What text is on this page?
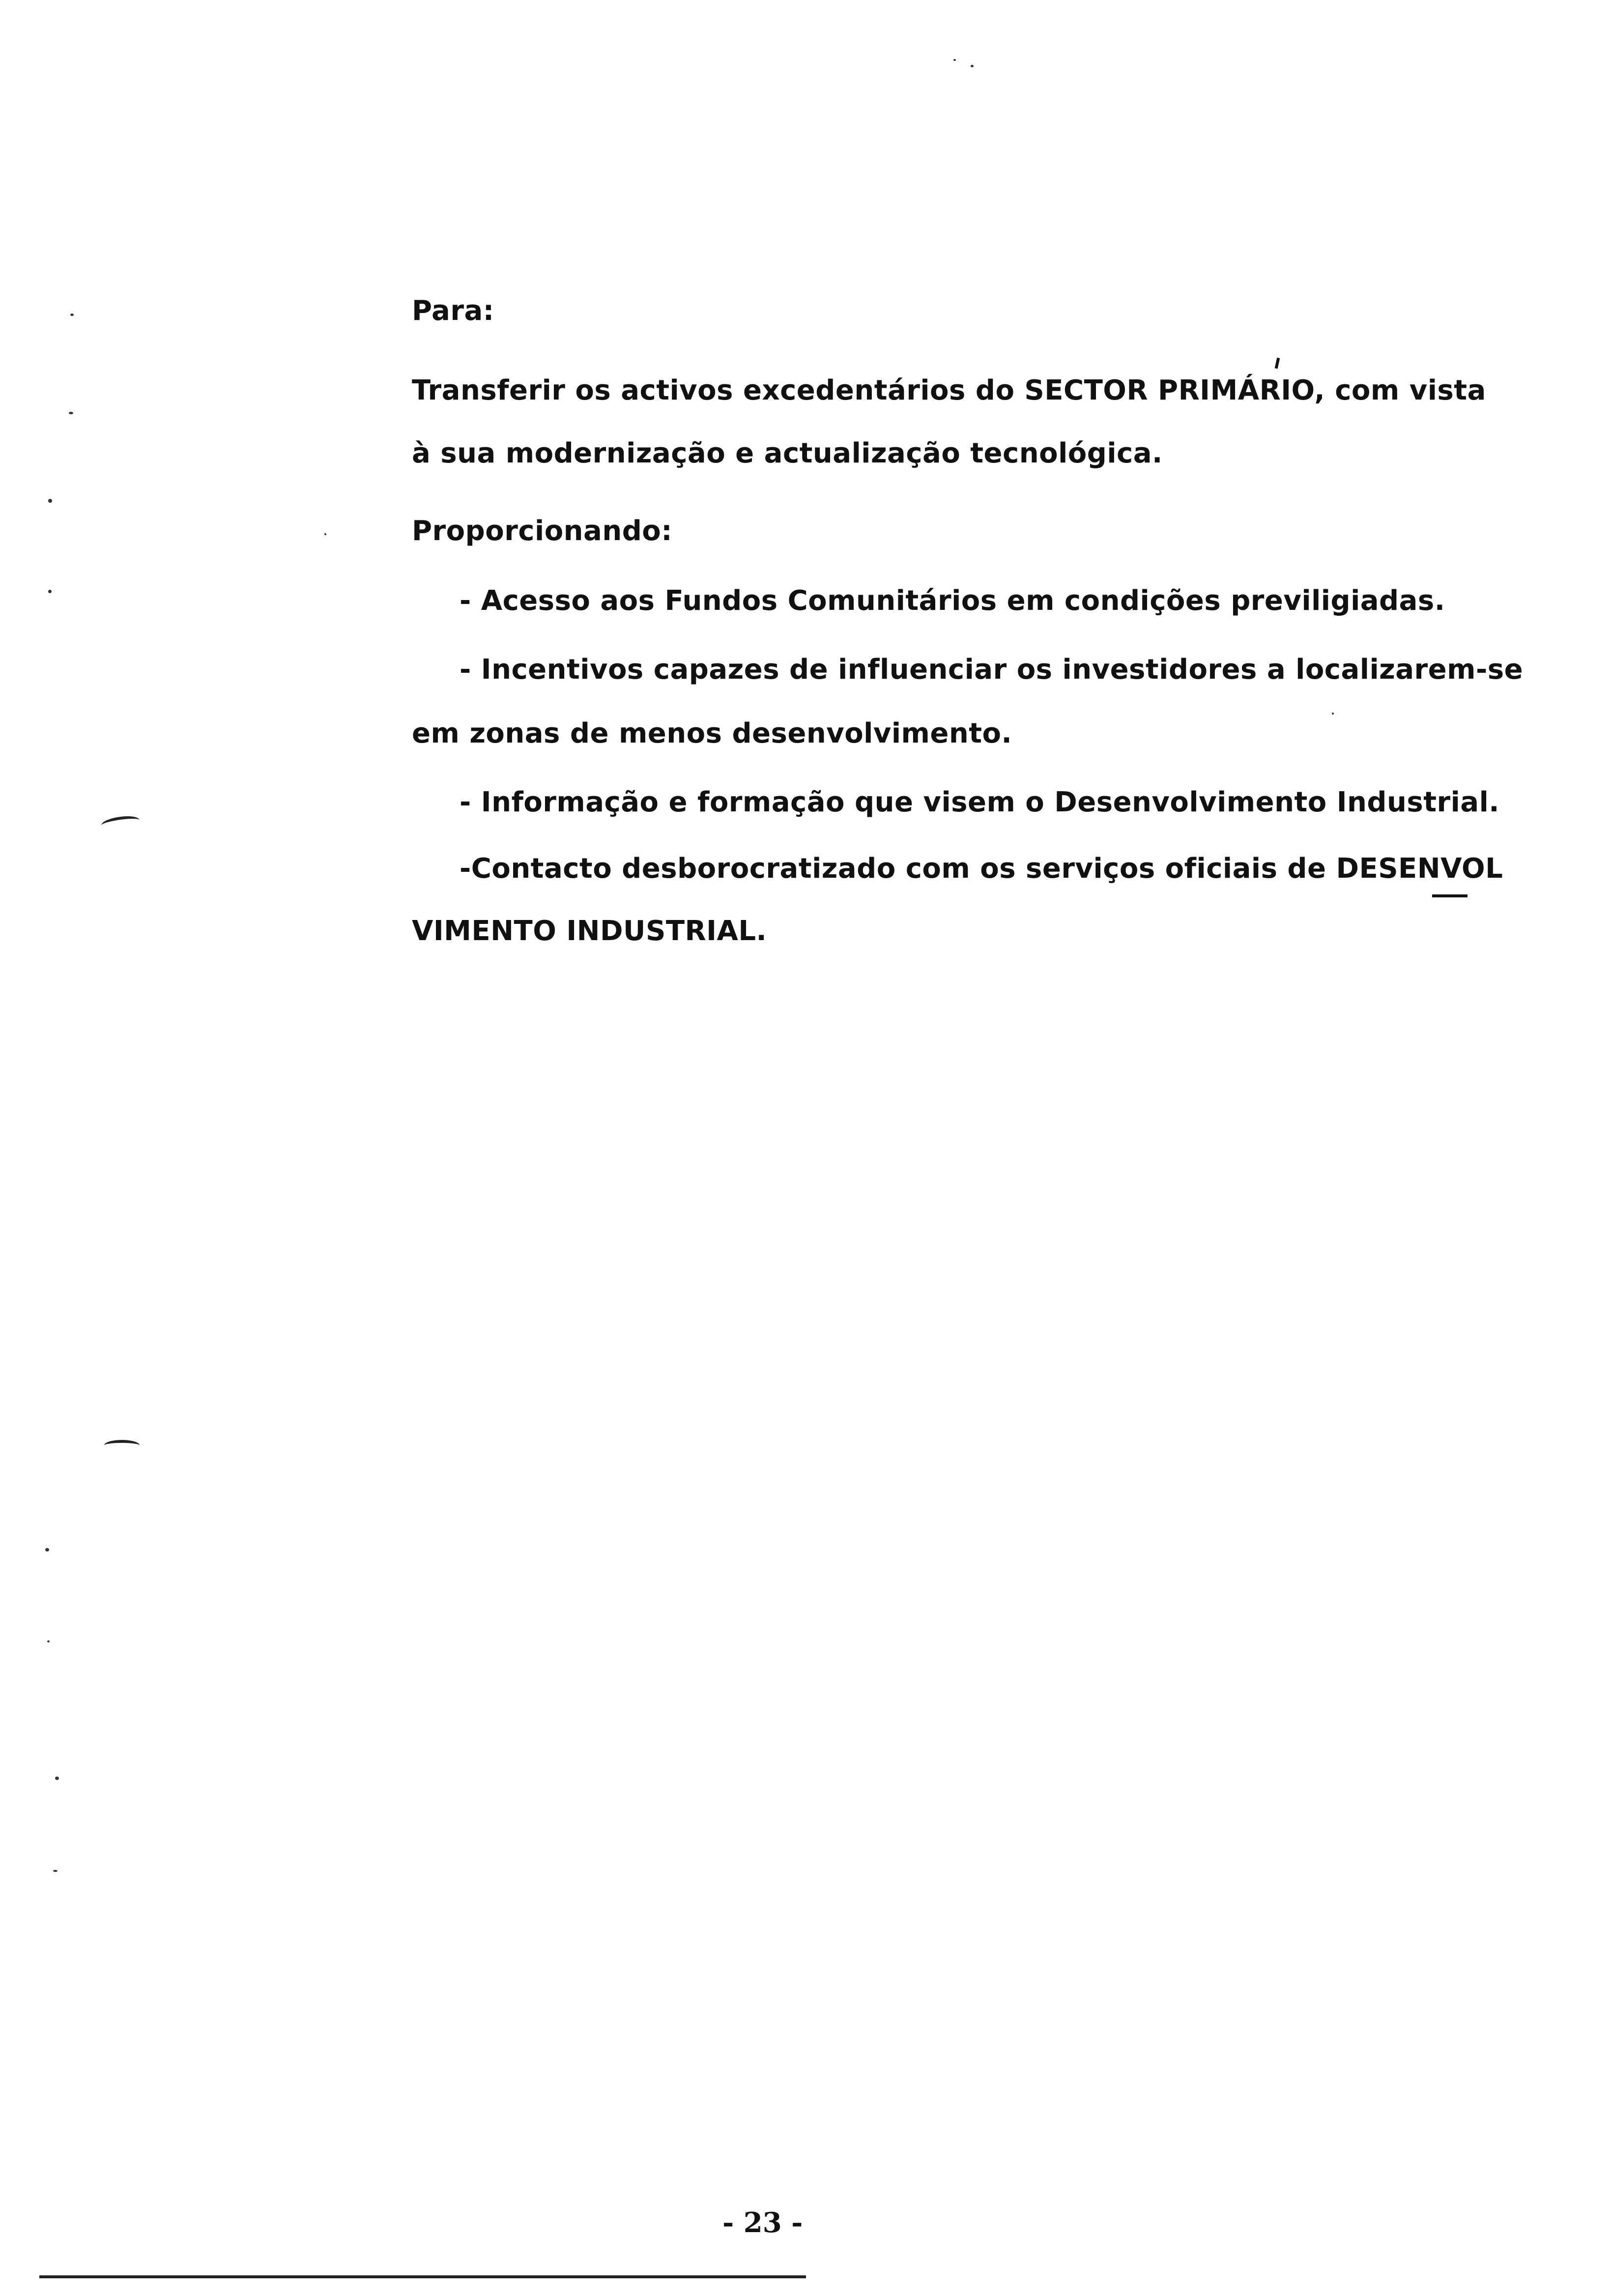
Para:
Transferir os activos excedentários do SECTOR PRIMÁRIO, com vista
à sua modernização e actualização tecnológica.
Proporcionando:
- Acesso aos Fundos Comunitários em condições previligiadas.
- Incentivos capazes de influenciar os investidores a localizarem-se
em zonas de menos desenvolvimento.
- Informação e formação que visem o Desenvolvimento Industrial.
-Contacto desborocratizado com os serviços oficiais de DESENVOL
VIMENTO INDUSTRIAL.
- 23 -
